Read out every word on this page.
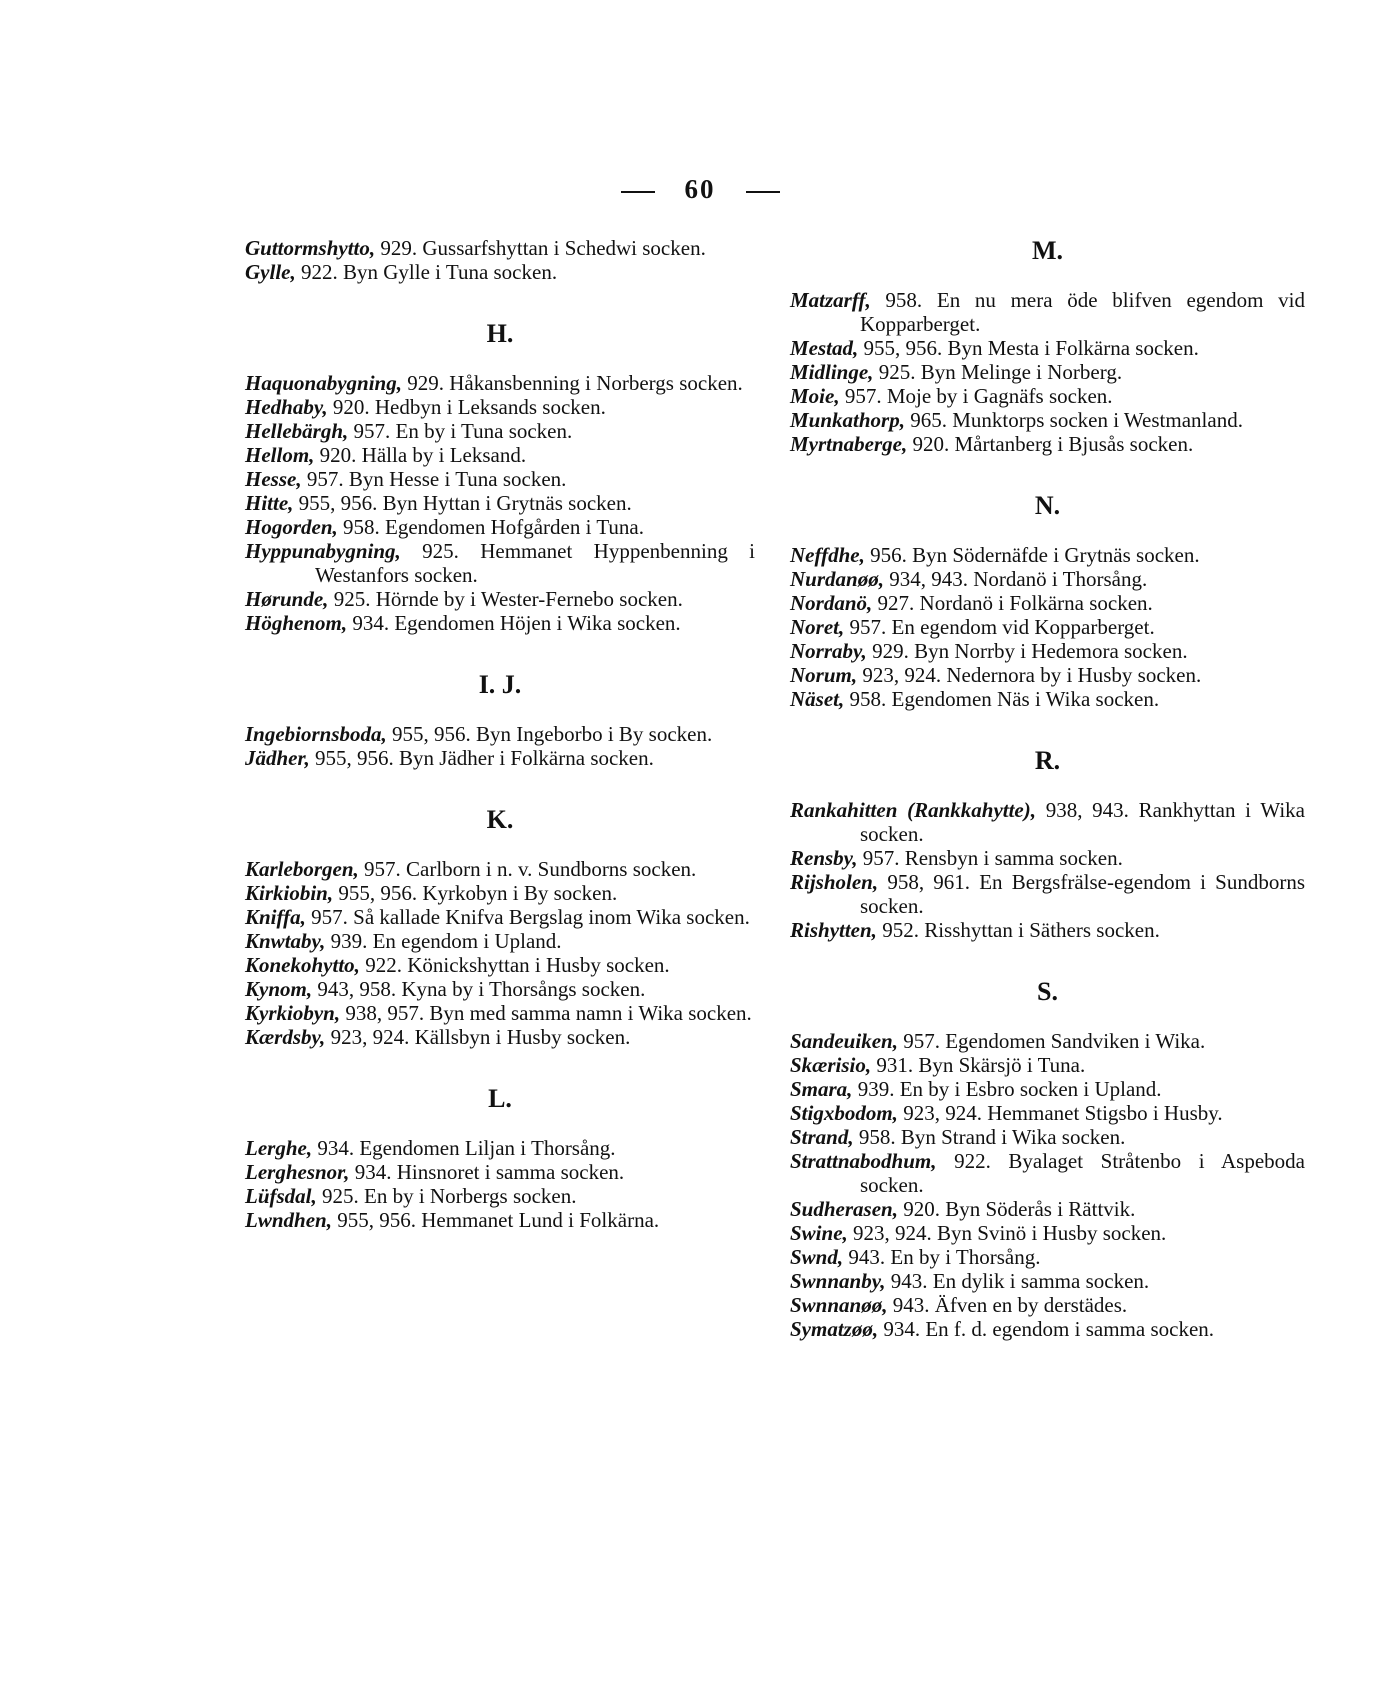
60

Guttormshytto, 929. Gussarfshyttan i Schedwi socken.

Gylle, 922. Byn Gylle i Tuna socken.

H.

Haquonabygning, 929. Håkansbenning i Norbergs socken.

Hedhaby, 920. Hedbyn i Leksands socken.

Hellebärgh, 957. En by i Tuna socken.

Hellom, 920. Hälla by i Leksand.

Hesse, 957. Byn Hesse i Tuna socken.

Hitte, 955, 956. Byn Hyttan i Grytnäs socken.

Hogorden, 958. Egendomen Hofgården i Tuna.

Hyppunabygning, 925. Hemmanet Hyppenbenning i Westanfors socken.

Hørunde, 925. Hörnde by i Wester-Fernebo socken.

Höghenom, 934. Egendomen Höjen i Wika socken.

I. J.

Ingebiornsboda, 955, 956. Byn Ingeborbo i By socken.

Jädher, 955, 956. Byn Jädher i Folkärna socken.

K.

Karleborgen, 957. Carlborn i n. v. Sundborns socken.

Kirkiobin, 955, 956. Kyrkobyn i By socken.

Kniffa, 957. Så kallade Knifva Bergslag inom Wika socken.

Knwtaby, 939. En egendom i Upland.

Konekohytto, 922. Könickshyttan i Husby socken.

Kynom, 943, 958. Kyna by i Thorsångs socken.

Kyrkiobyn, 938, 957. Byn med samma namn i Wika socken.

Kærdsby, 923, 924. Källsbyn i Husby socken.

L.

Lerghe, 934. Egendomen Liljan i Thorsång.

Lerghesnor, 934. Hinsnoret i samma socken.

Lüfsdal, 925. En by i Norbergs socken.

Lwndhen, 955, 956. Hemmanet Lund i Folkärna.

M.

Matzarff, 958. En nu mera öde blifven egendom vid Kopparberget.

Mestad, 955, 956. Byn Mesta i Folkärna socken.

Midlinge, 925. Byn Melinge i Norberg.

Moie, 957. Moje by i Gagnäfs socken.

Munkathorp, 965. Munktorps socken i Westmanland.

Myrtnaberge, 920. Mårtanberg i Bjusås socken.

N.

Neffdhe, 956. Byn Södernäfde i Grytnäs socken.

Nurdanøø, 934, 943. Nordanö i Thorsång.

Nordanö, 927. Nordanö i Folkärna socken.

Noret, 957. En egendom vid Kopparberget.

Norraby, 929. Byn Norrby i Hedemora socken.

Norum, 923, 924. Nedernora by i Husby socken.

Näset, 958. Egendomen Näs i Wika socken.

R.

Rankahitten (Rankkahytte), 938, 943. Rankhyttan i Wika socken.

Rensby, 957. Rensbyn i samma socken.

Rijsholen, 958, 961. En Bergsfrälse-egendom i Sundborns socken.

Rishytten, 952. Risshyttan i Säthers socken.

S.

Sandeuiken, 957. Egendomen Sandviken i Wika.

Skærisio, 931. Byn Skärsjö i Tuna.

Smara, 939. En by i Esbro socken i Upland.

Stigxbodom, 923, 924. Hemmanet Stigsbo i Husby.

Strand, 958. Byn Strand i Wika socken.

Strattnabodhum, 922. Byalaget Stråtenbo i Aspeboda socken.

Sudherasen, 920. Byn Söderås i Rättvik.

Swine, 923, 924. Byn Svinö i Husby socken.

Swnd, 943. En by i Thorsång.

Swnnanby, 943. En dylik i samma socken.

Swnnanøø, 943. Äfven en by derstädes.

Symatzøø, 934. En f. d. egendom i samma socken.
